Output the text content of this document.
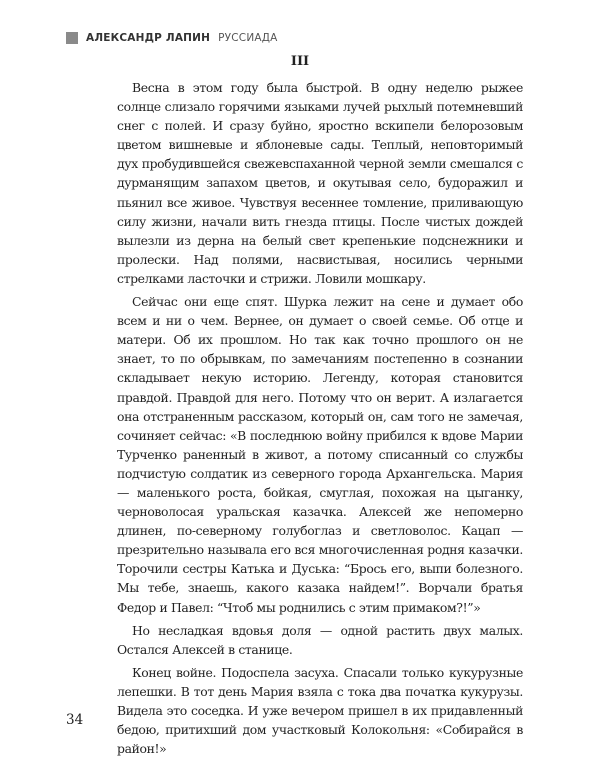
АЛЕКСАНДР ЛАПИН РУССИАДА
III

Весна в этом году была быстрой. В одну неделю рыжее солнце слизало горячими языками лучей рыхлый потемневший снег с полей. И сразу буйно, яростно вскипели белорозовым цветом вишневые и яблоневые сады. Теплый, неповторимый дух пробудившейся свежевспаханной черной земли смешался с дурманящим запахом цветов, и окутывая село, будоражил и пьянил все живое. Чувствуя весеннее томление, приливающую силу жизни, начали вить гнезда птицы. После чистых дождей вылезли из дерна на белый свет крепенькие подснежники и пролески. Над полями, насвистывая, носились черными стрелками ласточки и стрижи. Ловили мошкару.

Сейчас они еще спят. Шурка лежит на сене и думает обо всем и ни о чем. Вернее, он думает о своей семье. Об отце и матери. Об их прошлом. Но так как точно прошлого он не знает, то по обрывкам, по замечаниям постепенно в сознании складывает некую историю. Легенду, которая становится правдой. Правдой для него. Потому что он верит. А излагается она отстраненным рассказом, который он, сам того не замечая, сочиняет сейчас: «В последнюю войну прибился к вдове Марии Турченко раненный в живот, а потому списанный со службы подчистую солдатик из северного города Архангельска. Мария — маленького роста, бойкая, смуглая, похожая на цыганку, черноволосая уральская казачка. Алексей же непомерно длинен, по-северному голубоглаз и светловолос. Кацап — презрительно называла его вся многочисленная родня казачки. Торочили сестры Катька и Дуська: “Брось его, выпи болезного. Мы тебе, знаешь, какого казака найдем!”. Ворчали братья Федор и Павел: “Чтоб мы роднились с этим примаком?!”»

Но несладкая вдовья доля — одной растить двух малых. Остался Алексей в станице.

Конец войне. Подоспела засуха. Спасали только кукурузные лепешки. В тот день Мария взяла с тока два початка кукурузы. Видела это соседка. И уже вечером пришел в их придавленный бедою, притихший дом участковый Колокольня: «Собирайся в район!»

34
